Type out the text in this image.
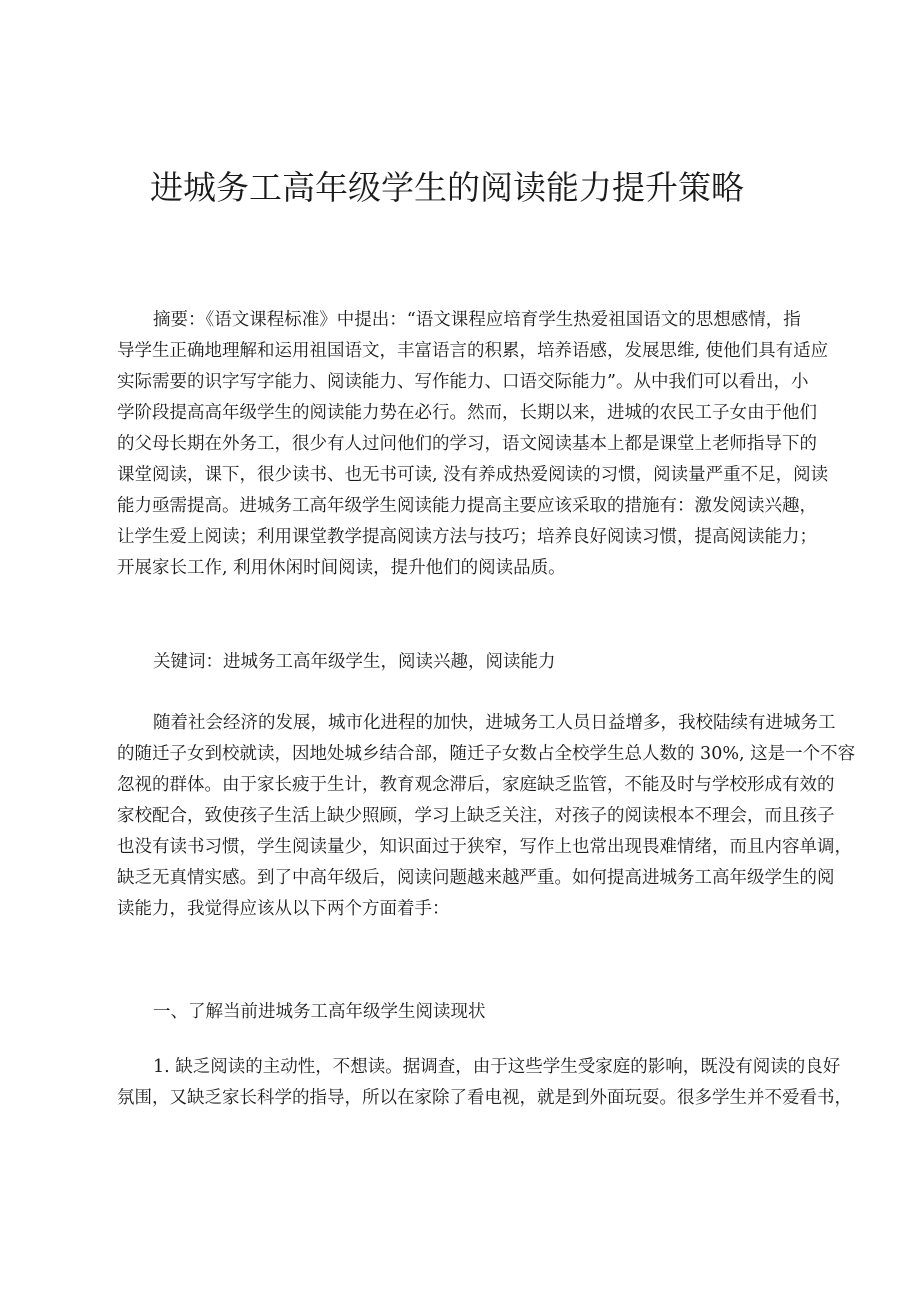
进城务工高年级学生的阅读能力提升策略

摘要：《语文课程标准》中提出：“语文课程应培育学生热爱祖国语文的思想感情，指
导学生正确地理解和运用祖国语文，丰富语言的积累，培养语感，发展思维, 使他们具有适应
实际需要的识字写字能力、阅读能力、写作能力、口语交际能力”。从中我们可以看出，小
学阶段提高高年级学生的阅读能力势在必行。然而，长期以来，进城的农民工子女由于他们
的父母长期在外务工，很少有人过问他们的学习，语文阅读基本上都是课堂上老师指导下的
课堂阅读，课下，很少读书、也无书可读, 没有养成热爱阅读的习惯，阅读量严重不足，阅读
能力亟需提高。进城务工高年级学生阅读能力提高主要应该采取的措施有：激发阅读兴趣，
让学生爱上阅读；利用课堂教学提高阅读方法与技巧；培养良好阅读习惯，提高阅读能力；
开展家长工作, 利用休闲时间阅读，提升他们的阅读品质。

关键词：进城务工高年级学生，阅读兴趣，阅读能力

随着社会经济的发展，城市化进程的加快，进城务工人员日益增多，我校陆续有进城务工
的随迁子女到校就读，因地处城乡结合部，随迁子女数占全校学生总人数的 30%, 这是一个不容
忽视的群体。由于家长疲于生计，教育观念滞后，家庭缺乏监管，不能及时与学校形成有效的
家校配合，致使孩子生活上缺少照顾，学习上缺乏关注，对孩子的阅读根本不理会，而且孩子
也没有读书习惯，学生阅读量少，知识面过于狭窄，写作上也常出现畏难情绪，而且内容单调，
缺乏无真情实感。到了中高年级后，阅读问题越来越严重。如何提高进城务工高年级学生的阅
读能力，我觉得应该从以下两个方面着手：

一、了解当前进城务工高年级学生阅读现状

1. 缺乏阅读的主动性，不想读。据调查，由于这些学生受家庭的影响，既没有阅读的良好
氛围，又缺乏家长科学的指导，所以在家除了看电视，就是到外面玩耍。很多学生并不爱看书，
